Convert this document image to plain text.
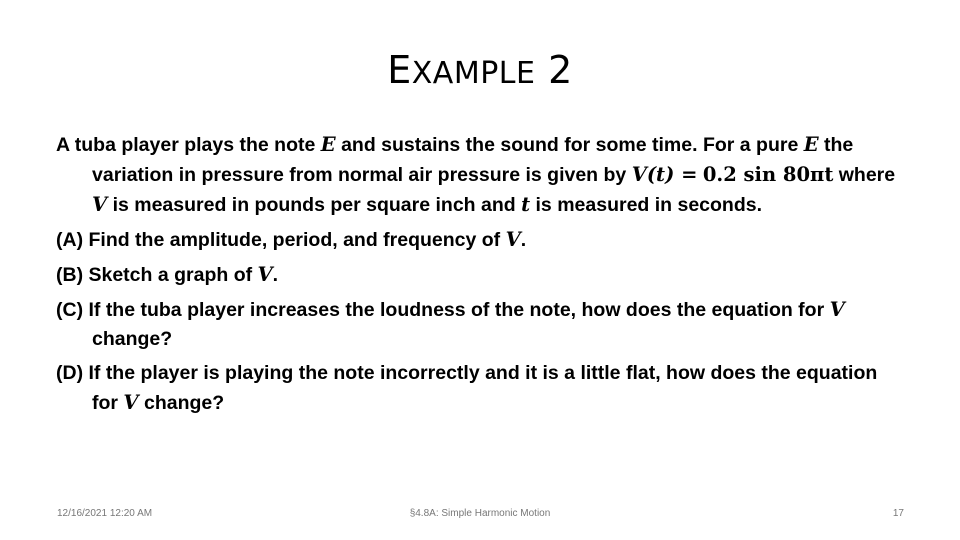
EXAMPLE 2

A tuba player plays the note E and sustains the sound for some time. For a pure E the variation in pressure from normal air pressure is given by V(t) = 0.2 sin 80πt where V is measured in pounds per square inch and t is measured in seconds.

(A) Find the amplitude, period, and frequency of V.

(B) Sketch a graph of V.

(C) If the tuba player increases the loudness of the note, how does the equation for V change?

(D) If the player is playing the note incorrectly and it is a little flat, how does the equation for V change?

12/16/2021 12:20 AM	§4.8A: Simple Harmonic Motion	17
